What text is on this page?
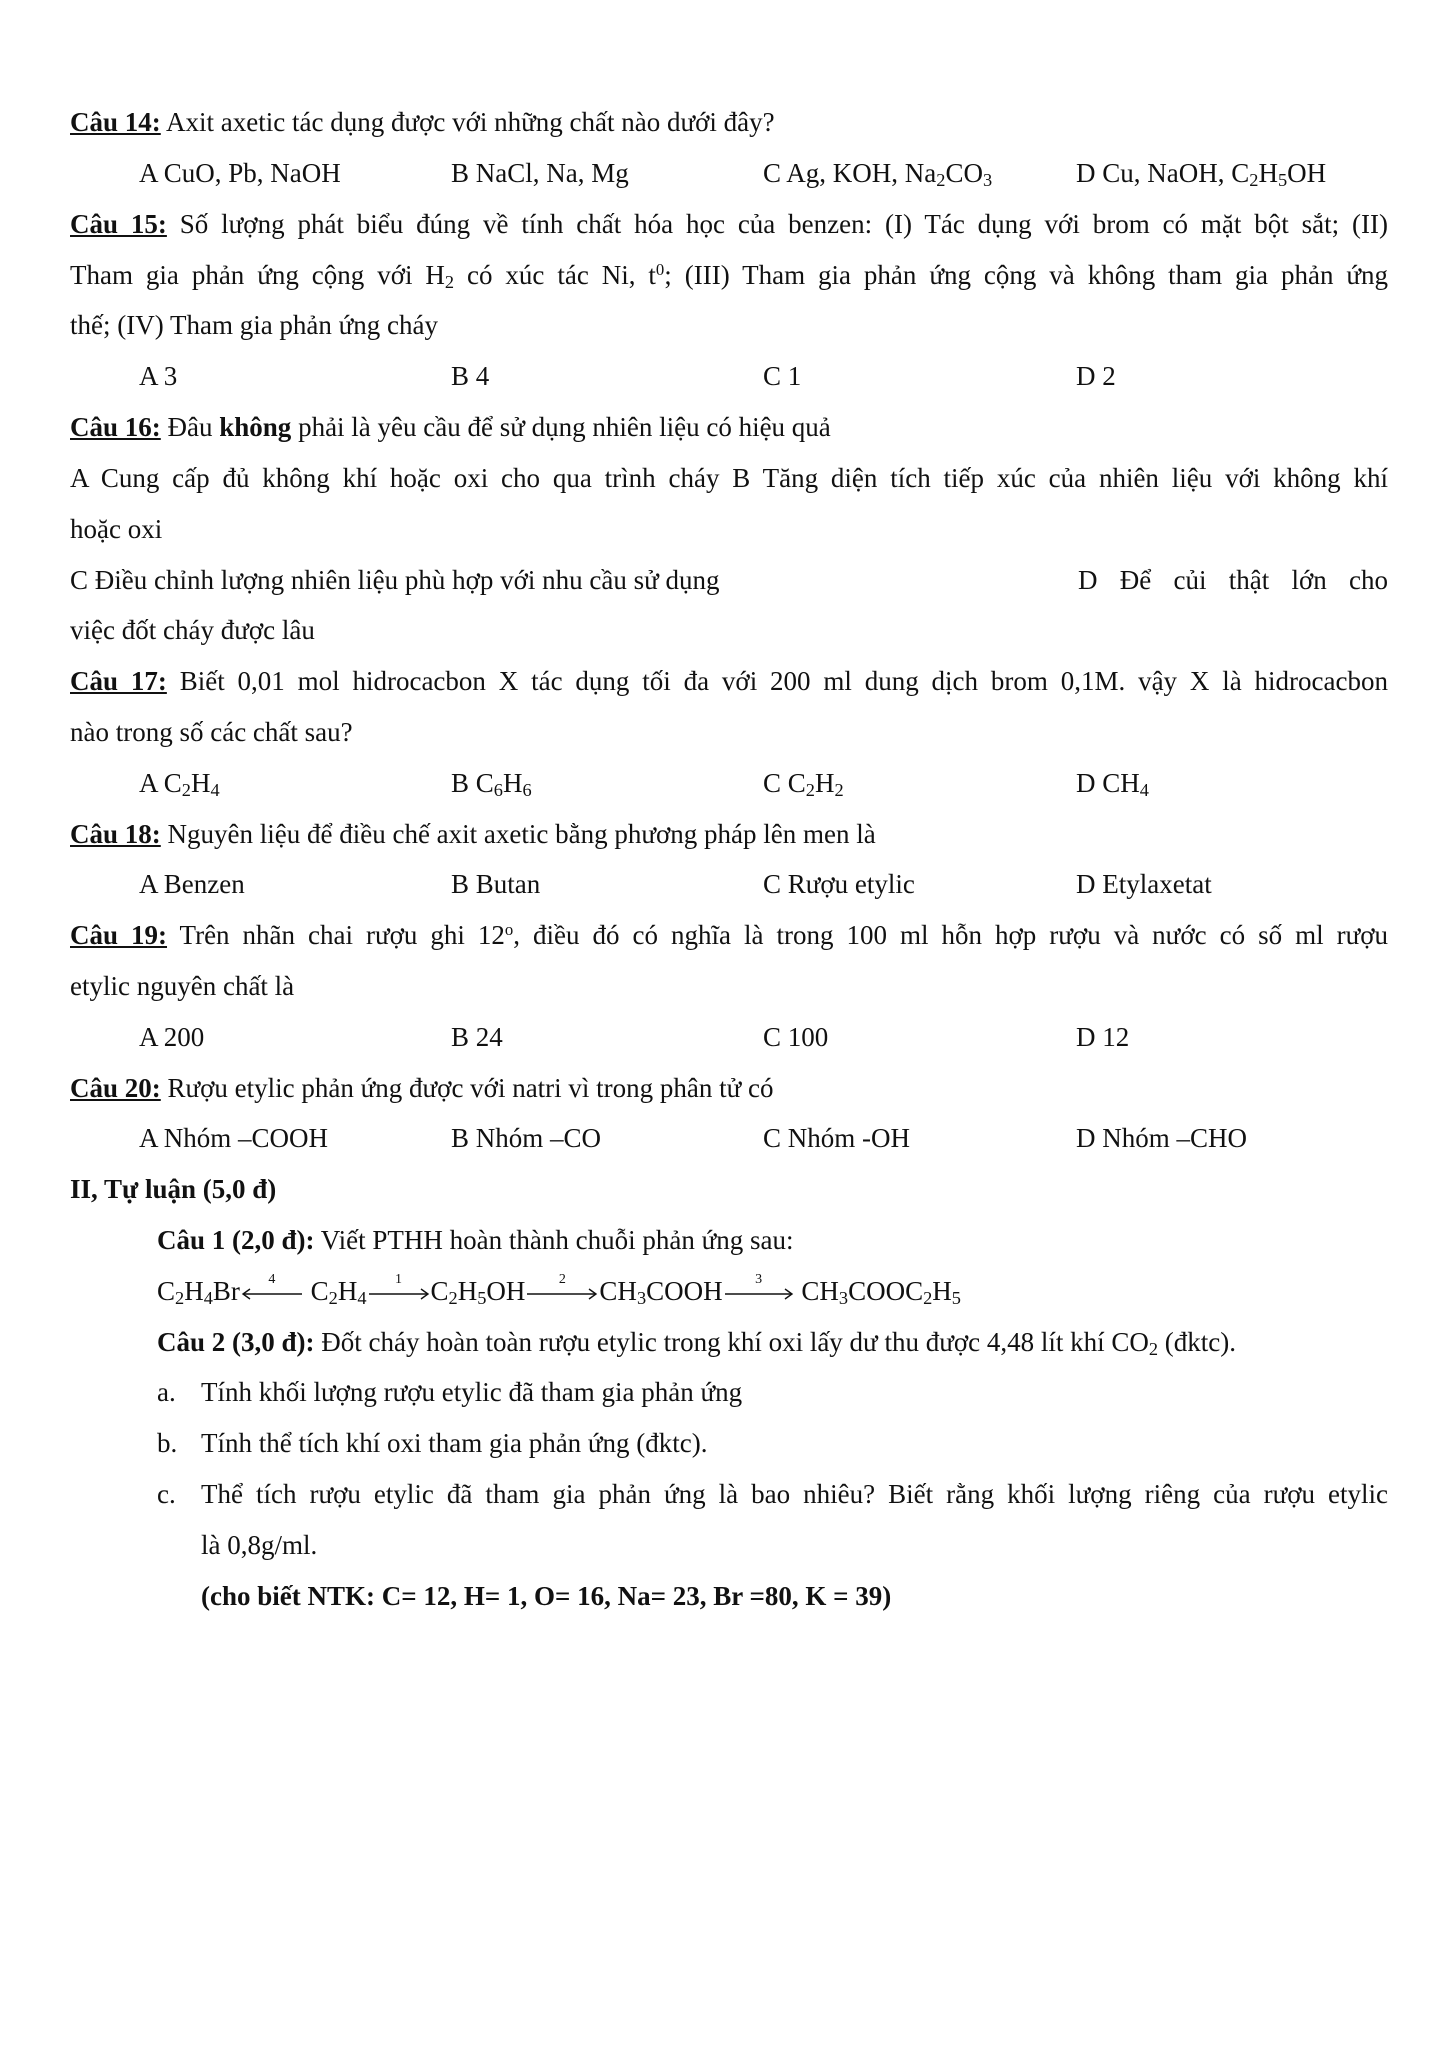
Câu 14: Axit axetic tác dụng được với những chất nào dưới đây?
A CuO, Pb, NaOH	B NaCl, Na, Mg	C Ag, KOH, $Na_2CO_3$	D Cu, NaOH, $C_2H_5OH$
Câu 15: Số lượng phát biểu đúng về tính chất hóa học của benzen: (I) Tác dụng với brom có mặt bột sắt; (II)
Tham gia phản ứng cộng với $H_2$ có xúc tác Ni, $t^0$; (III) Tham gia phản ứng cộng và không tham gia phản ứng
thế; (IV) Tham gia phản ứng cháy
A 3	B 4	C 1	D 2
Câu 16: Đâu không phải là yêu cầu để sử dụng nhiên liệu có hiệu quả
A Cung cấp đủ không khí hoặc oxi cho qua trình cháy B Tăng diện tích tiếp xúc của nhiên liệu với không khí
hoặc oxi
C Điều chỉnh lượng nhiên liệu phù hợp với nhu cầu sử dụng	D Để củi thật lớn cho
việc đốt cháy được lâu
Câu 17: Biết 0,01 mol hidrocacbon X tác dụng tối đa với 200 ml dung dịch brom 0,1M. vậy X là hidrocacbon
nào trong số các chất sau?
A $C_2H_4$	B $C_6H_6$	C $C_2H_2$	D $CH_4$
Câu 18: Nguyên liệu để điều chế axit axetic bằng phương pháp lên men là
A Benzen	B Butan	C Rượu etylic	D Etylaxetat
Câu 19: Trên nhãn chai rượu ghi 12$^o$, điều đó có nghĩa là trong 100 ml hỗn hợp rượu và nước có số ml rượu
etylic nguyên chất là
A 200	B 24	C 100	D 12
Câu 20: Rượu etylic phản ứng được với natri vì trong phân tử có
A Nhóm –COOH	B Nhóm –CO	C Nhóm -OH	D Nhóm –CHO
II, Tự luận (5,0 đ)
Câu 1 (2,0 đ): Viết PTHH hoàn thành chuỗi phản ứng sau:
$C_2H_4Br$	4	$C_2H_4$
1	$C_2H_5OH$	2	$CH_3COOH$	3	$CH_3COOC_2H_5$
Câu 2 (3,0 đ): Đốt cháy hoàn toàn rượu etylic trong khí oxi lấy dư thu được 4,48 lít khí $CO_2$ (đktc).
a. Tính khối lượng rượu etylic đã tham gia phản ứng
b. Tính thể tích khí oxi tham gia phản ứng (đktc).
c. Thể tích rượu etylic đã tham gia phản ứng là bao nhiêu? Biết rằng khối lượng riêng của rượu etylic
là 0,8g/ml.
(cho biết NTK: C= 12, H= 1, O= 16, Na= 23, Br =80, K = 39)
